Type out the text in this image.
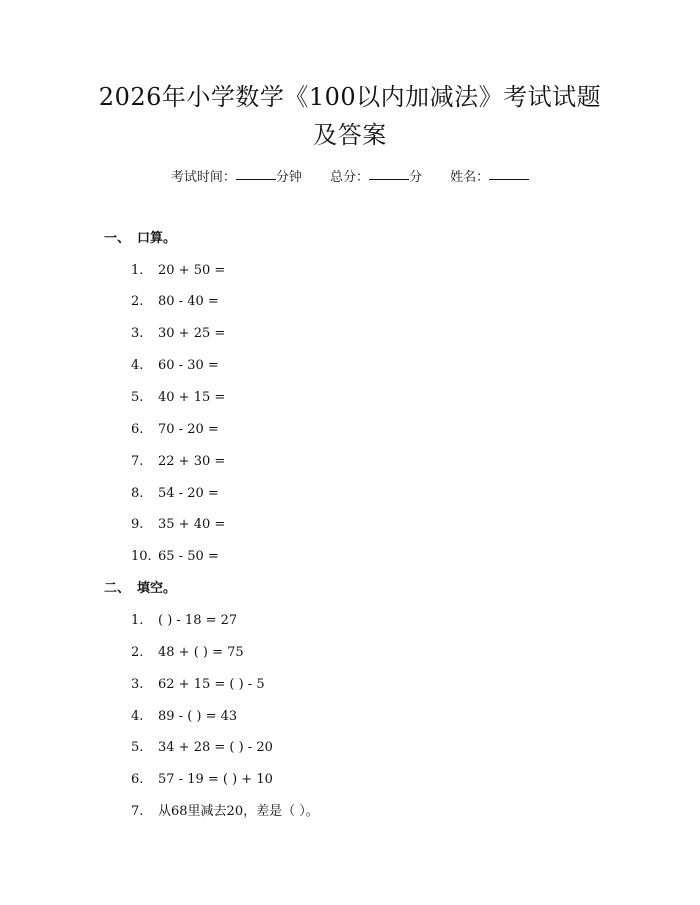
2026年小学数学《100以内加减法》考试试题及答案
考试时间：	分钟 总分：	分 姓名：
一、 口算。
1. 20 + 50 =
2. 80 - 40 =
3. 30 + 25 =
4. 60 - 30 =
5. 40 + 15 =
6. 70 - 20 =
7. 22 + 30 =
8. 54 - 20 =
9. 35 + 40 =
10. 65 - 50 =
二、 填空。
1. ( ) - 18 = 27
2. 48 + ( ) = 75
3. 62 + 15 = ( ) - 5
4. 89 - ( ) = 43
5. 34 + 28 = ( ) - 20
6. 57 - 19 = ( ) + 10
7. 从68里减去20，差是（ ）。
